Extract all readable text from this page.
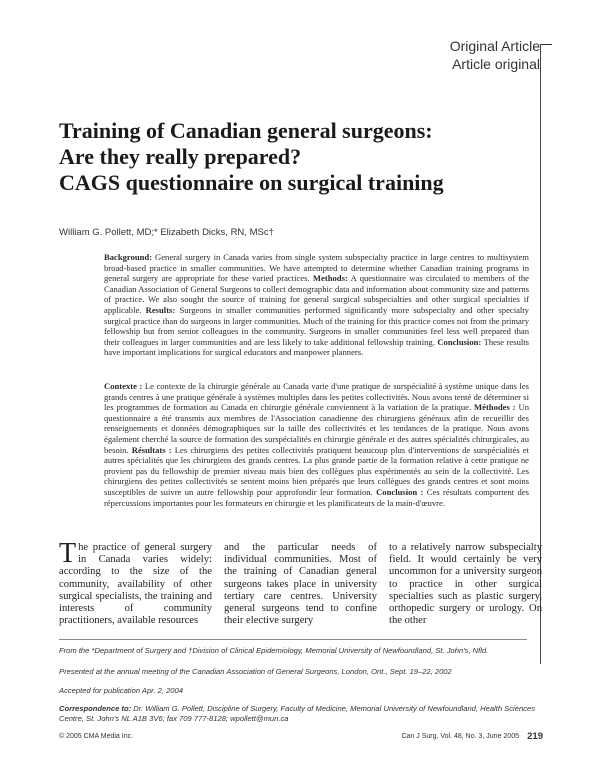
Original Article
Article original
Training of Canadian general surgeons:
Are they really prepared?
CAGS questionnaire on surgical training
William G. Pollett, MD;* Elizabeth Dicks, RN, MSc†
Background: General surgery in Canada varies from single system subspecialty practice in large centres to multisystem broad-based practice in smaller communities. We have attempted to determine whether Canadian training programs in general surgery are appropriate for these varied practices. Methods: A questionnaire was circulated to members of the Canadian Association of General Surgeons to collect demographic data and information about community size and patterns of practice. We also sought the source of training for general surgical subspecialties and other surgical specialties if applicable. Results: Surgeons in smaller communities performed significantly more subspecialty and other specialty surgical practice than do surgeons in larger communities. Much of the training for this practice comes not from the primary fellowship but from senior colleagues in the community. Surgeons in smaller communities feel less well prepared than their colleagues in larger communities and are less likely to take additional fellowship training. Conclusion: These results have important implications for surgical educators and manpower planners.
Contexte : Le contexte de la chirurgie générale au Canada varie d'une pratique de surspécialité à système unique dans les grands centres à une pratique générale à systèmes multiples dans les petites collectivités. Nous avons tenté de déterminer si les programmes de formation au Canada en chirurgie générale conviennent à la variation de la pratique. Méthodes : Un questionnaire a été transmis aux membres de l'Association canadienne des chirurgiens généraux afin de recueillir des renseignements et données démographiques sur la taille des collectivités et les tendances de la pratique. Nous avons également cherché la source de formation des surspécialités en chirurgie générale et des autres spécialités chirurgicales, au besoin. Résultats : Les chirurgiens des petites collectivités pratiquent beaucoup plus d'interventions de surspécialités et autres spécialités que les chirurgiens des grands centres. La plus grande partie de la formation relative à cette pratique ne provient pas du fellowship de premier niveau mais bien des collègues plus expérimentés au sein de la collectivité. Les chirurgiens des petites collectivités se sentent moins bien préparés que leurs collègues des grands centres et sont moins susceptibles de suivre un autre fellowship pour approfondir leur formation. Conclusion : Ces résultats comportent des répercussions importantes pour les formateurs en chirurgie et les planificateurs de la main-d'œuvre.
The practice of general surgery in Canada varies widely: according to the size of the community, availability of other surgical specialists, the training and interests of community practitioners, available resources
and the particular needs of individual communities. Most of the training of Canadian general surgeons takes place in university tertiary care centres. University general surgeons tend to confine their elective surgery
to a relatively narrow subspecialty field. It would certainly be very uncommon for a university surgeon to practice in other surgical specialties such as plastic surgery, orthopedic surgery or urology. On the other
From the *Department of Surgery and †Division of Clinical Epidemiology, Memorial University of Newfoundland, St. John's, Nfld.
Presented at the annual meeting of the Canadian Association of General Surgeons, London, Ont., Sept. 19–22, 2002
Accepted for publication Apr. 2, 2004
Correspondence to: Dr. William G. Pollett, Discipline of Surgery, Faculty of Medicine, Memorial University of Newfoundland, Health Sciences Centre, St. John's NL A1B 3V6; fax 709 777-8128; wpollett@mun.ca
© 2005 CMA Media Inc.	Can J Surg, Vol. 48, No. 3, June 2005 219
